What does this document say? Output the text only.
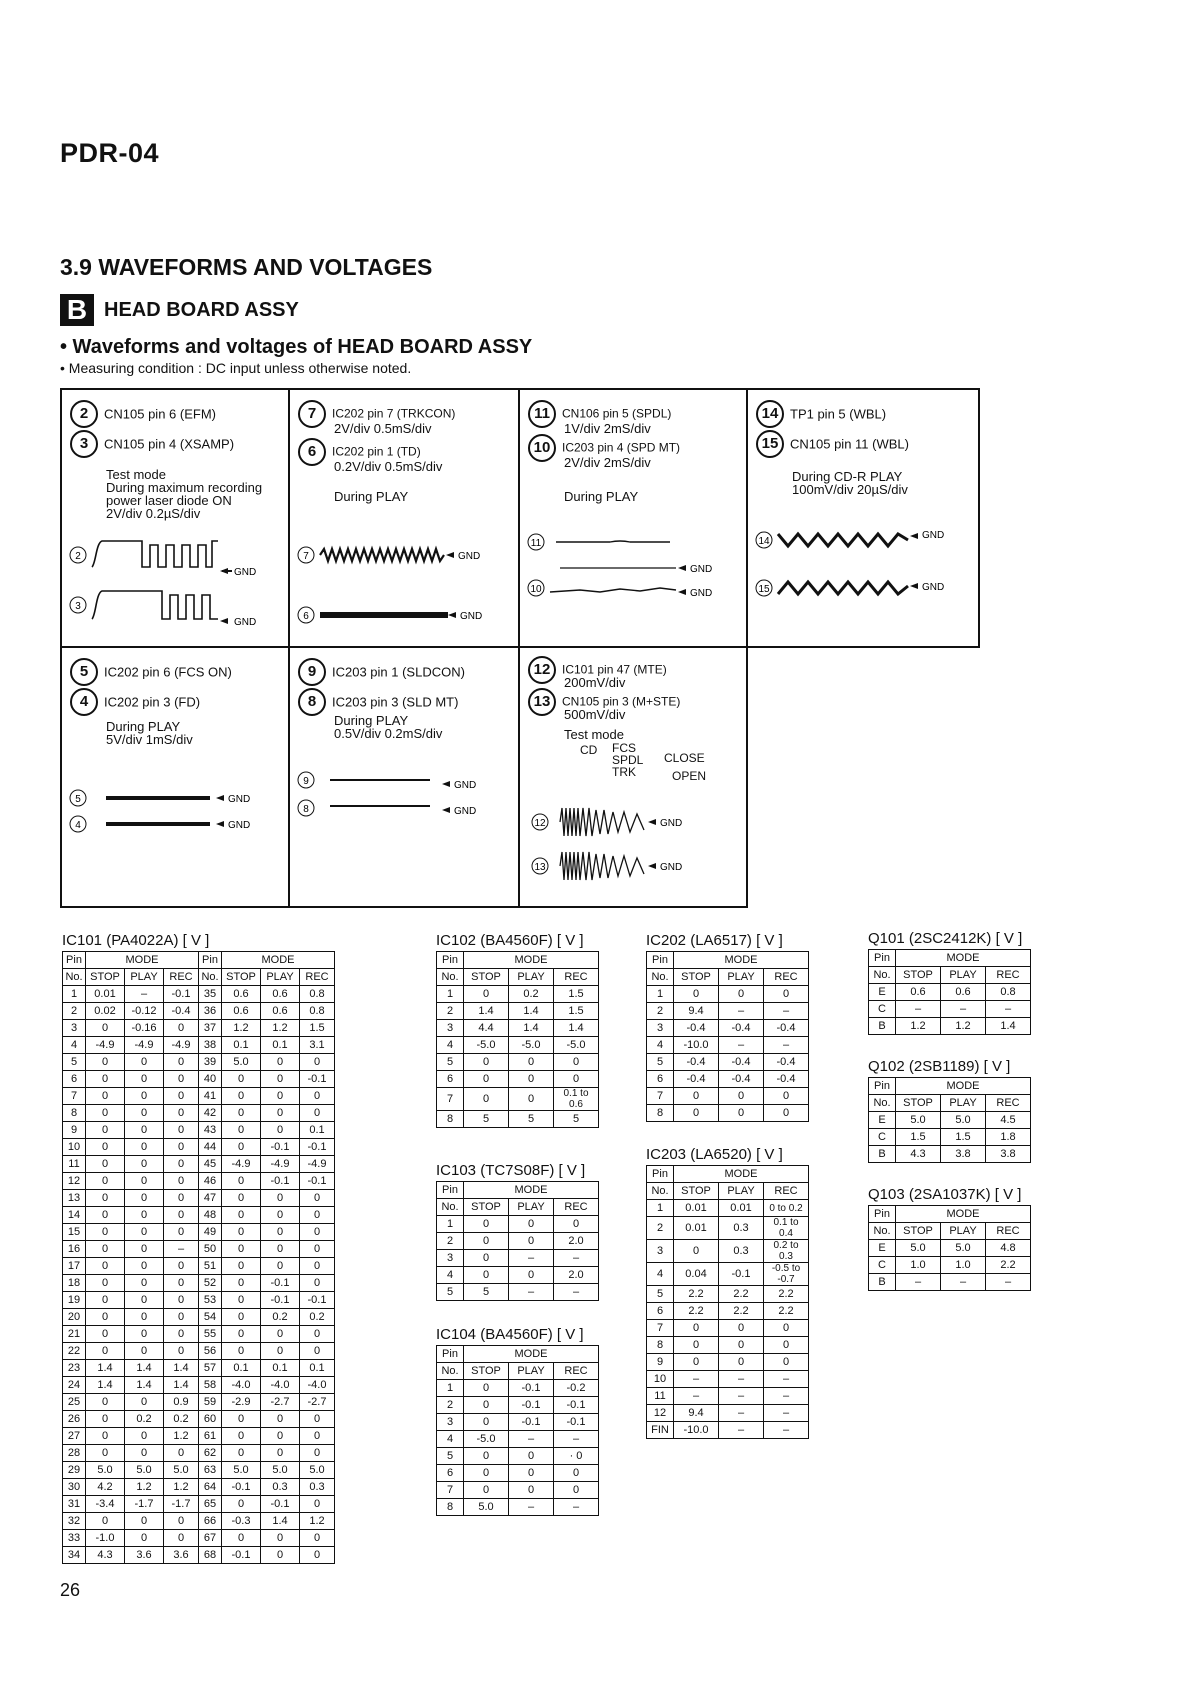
PDR-04
3.9 WAVEFORMS AND VOLTAGES
B HEAD BOARD ASSY
• Waveforms and voltages of HEAD BOARD ASSY
• Measuring condition : DC input unless otherwise noted.
2 CN105 pin 6 (EFM)
3 CN105 pin 4 (XSAMP)
Test mode
During maximum recording
power laser diode ON
2V/div 0.2µS/div
2
GND
3
GND
7 IC202 pin 7 (TRKCON)
2V/div 0.5mS/div
6 IC202 pin 1 (TD)
0.2V/div 0.5mS/div
During PLAY
7	GND
6	GND
11 CN106 pin 5 (SPDL)
1V/div 2mS/div
10 IC203 pin 4 (SPD MT)
2V/div 2mS/div
During PLAY
11
GND
10	GND
14 TP1 pin 5 (WBL)
15 CN105 pin 11 (WBL)
During CD-R PLAY
100mV/div 20µS/div
14
GND
15	GND
5 IC202 pin 6 (FCS ON)
4 IC202 pin 3 (FD)
During PLAY
5V/div 1mS/div
5	GND
4	GND
9 IC203 pin 1 (SLDCON)
8 IC203 pin 3 (SLD MT)
During PLAY
0.5V/div 0.2mS/div
9	GND
8	GND
12 IC101 pin 47 (MTE)
200mV/div
13 CN105 pin 3 (M+STE)
500mV/div
Test mode
CD FCS
SPDL
TRK
CLOSE
OPEN
12	GND
13	GND
IC101 (PA4022A) [ V ]
Pin	MODE			Pin	MODE		
No.	STOP	PLAY	REC	No.	STOP	PLAY	REC
1	0.01	–	-0.1	35	0.6	0.6	0.8
2	0.02	-0.12	-0.4	36	0.6	0.6	0.8
3	0	-0.16	0	37	1.2	1.2	1.5
4	-4.9	-4.9	-4.9	38	0.1	0.1	3.1
5	0	0	0	39	5.0	0	0
6	0	0	0	40	0	0	-0.1
7	0	0	0	41	0	0	0
8	0	0	0	42	0	0	0
9	0	0	0	43	0	0	0.1
10	0	0	0	44	0	-0.1	-0.1
11	0	0	0	45	-4.9	-4.9	-4.9
12	0	0	0	46	0	-0.1	-0.1
13	0	0	0	47	0	0	0
14	0	0	0	48	0	0	0
15	0	0	0	49	0	0	0
16	0	0	–	50	0	0	0
17	0	0	0	51	0	0	0
18	0	0	0	52	0	-0.1	0
19	0	0	0	53	0	-0.1	-0.1
20	0	0	0	54	0	0.2	0.2
21	0	0	0	55	0	0	0
22	0	0	0	56	0	0	0
23	1.4	1.4	1.4	57	0.1	0.1	0.1
24	1.4	1.4	1.4	58	-4.0	-4.0	-4.0
25	0	0	0.9	59	-2.9	-2.7	-2.7
26	0	0.2	0.2	60	0	0	0
27	0	0	1.2	61	0	0	0
28	0	0	0	62	0	0	0
29	5.0	5.0	5.0	63	5.0	5.0	5.0
30	4.2	1.2	1.2	64	-0.1	0.3	0.3
31	-3.4	-1.7	-1.7	65	0	-0.1	0
32	0	0	0	66	-0.3	1.4	1.2
33	-1.0	0	0	67	0	0	0
34	4.3	3.6	3.6	68	-0.1	0	0
IC102 (BA4560F) [ V ]
Pin	MODE		
No.	STOP	PLAY	REC
1	0	0.2	1.5
2	1.4	1.4	1.5
3	4.4	1.4	1.4
4	-5.0	-5.0	-5.0
5	0	0	0
6	0	0	0
7	0	0	0.1 to 0.6
8	5	5	5
IC103 (TC7S08F) [ V ]
Pin	MODE		
No.	STOP	PLAY	REC
1	0	0	0
2	0	0	2.0
3	0	–	–
4	0	0	2.0
5	5	–	–
IC104 (BA4560F) [ V ]
Pin	MODE		
No.	STOP	PLAY	REC
1	0	-0.1	-0.2
2	0	-0.1	-0.1
3	0	-0.1	-0.1
4	-5.0	–	–
5	0	0	· 0
6	0	0	0
7	0	0	0
8	5.0	–	–
IC202 (LA6517) [ V ]
Pin	MODE		
No.	STOP	PLAY	REC
1	0	0	0
2	9.4	–	–
3	-0.4	-0.4	-0.4
4	-10.0	–	–
5	-0.4	-0.4	-0.4
6	-0.4	-0.4	-0.4
7	0	0	0
8	0	0	0
IC203 (LA6520) [ V ]
Pin	MODE		
No.	STOP	PLAY	REC
1	0.01	0.01	0 to 0.2
2	0.01	0.3	0.1 to 0.4
3	0	0.3	0.2 to 0.3
4	0.04	-0.1	-0.5 to -0.7
5	2.2	2.2	2.2
6	2.2	2.2	2.2
7	0	0	0
8	0	0	0
9	0	0	0
10	–	–	–
11	–	–	–
12	9.4	–	–
FIN	-10.0	–	–
Q101 (2SC2412K) [ V ]
Pin	MODE		
No.	STOP	PLAY	REC
E	0.6	0.6	0.8
C	–	–	–
B	1.2	1.2	1.4
Q102 (2SB1189) [ V ]
Pin	MODE		
No.	STOP	PLAY	REC
E	5.0	5.0	4.5
C	1.5	1.5	1.8
B	4.3	3.8	3.8
Q103 (2SA1037K) [ V ]
Pin	MODE		
No.	STOP	PLAY	REC
E	5.0	5.0	4.8
C	1.0	1.0	2.2
B	–	–	–
26
